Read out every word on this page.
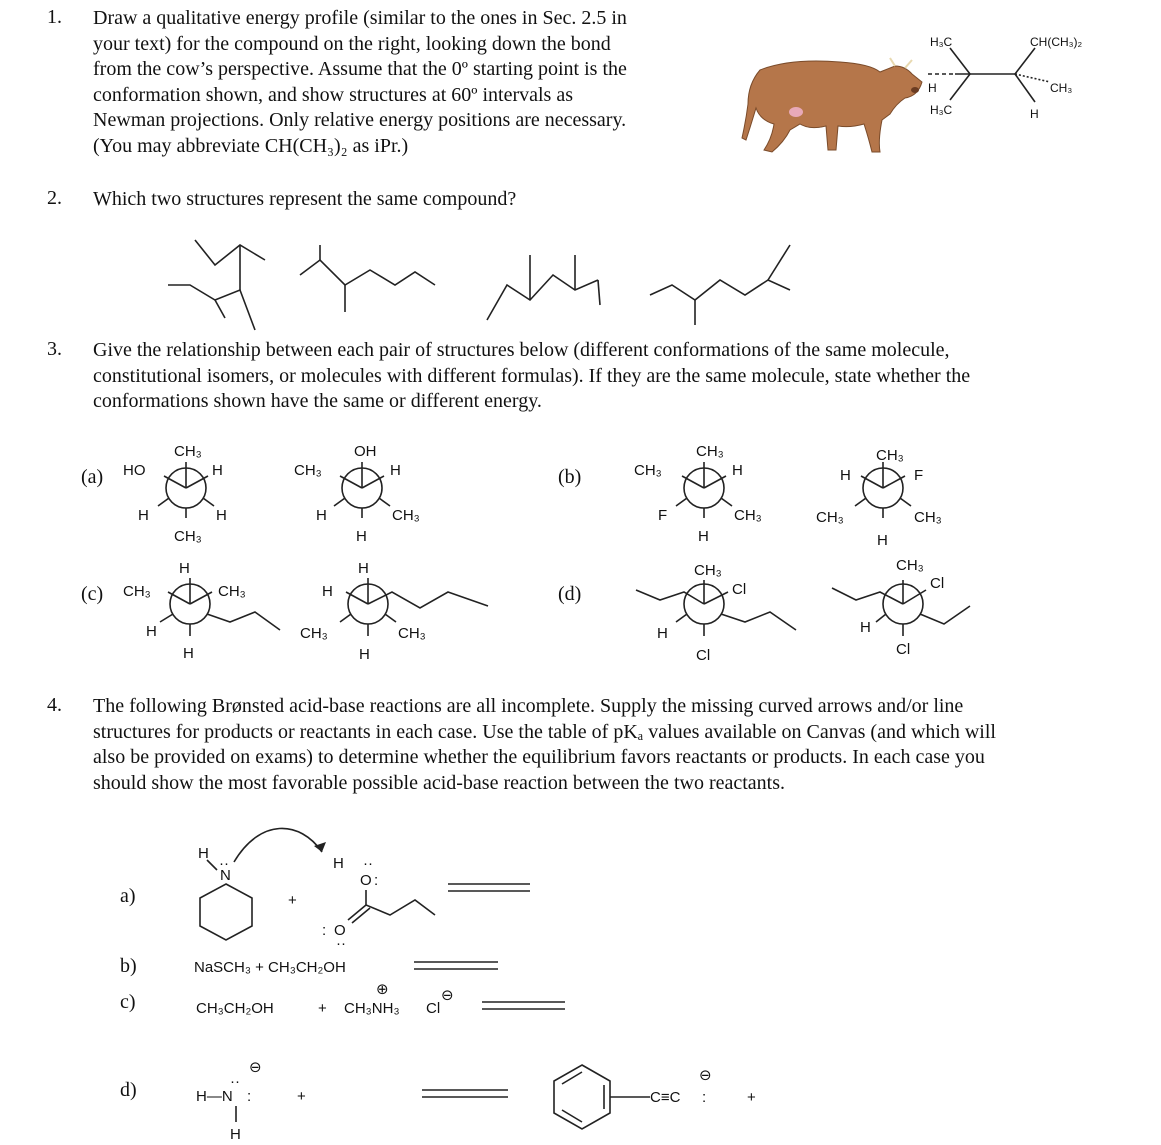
1. Draw a qualitative energy profile (similar to the ones in Sec. 2.5 in
your text) for the compound on the right, looking down the bond
from the cow’s perspective. Assume that the 0º starting point is the
conformation shown, and show structures at 60º intervals as
Newman projections. Only relative energy positions are necessary.
(You may abbreviate CH(CH₃)₂ as iPr.)
2. Which two structures represent the same compound?
3. Give the relationship between each pair of structures below (different conformations of the same molecule,
constitutional isomers, or molecules with different formulas). If they are the same molecule, state whether the
conformations shown have the same or different energy.
4. The following Brønsted acid-base reactions are all incomplete. Supply the missing curved arrows and/or line
structures for products or reactants in each case. Use the table of pKₐ values available on Canvas (and which will
also be provided on exams) to determine whether the equilibrium favors reactants or products. In each case you
should show the most favorable possible acid-base reaction between the two reactants.
H₃C
H
H₃C
CH(CH₃)₂
CH₃
H
(a)	(b)
(c)	(d)
CH₃
HO	H
H	H
CH₃
OH
CH₃	H
H	CH₃
H
CH₃
CH₃	H
F	CH₃
H
CH₃
H	F
CH₃	CH₃
H
H
CH₃	CH₃
H
H
H
H
CH₃	CH₃
H
CH₃
Cl
H
Cl
CH₃
Cl
H
Cl
a)
b)
c)
d)
N
··
H
+
H
O
··
:
O
:
··
NaSCH₃ + CH₃CH₂OH
CH₃CH₂OH	+ CH₃NH₃
⊕
Cl
⊖
H—N :
··
⊖
H
+	C≡C :
⊖
+
